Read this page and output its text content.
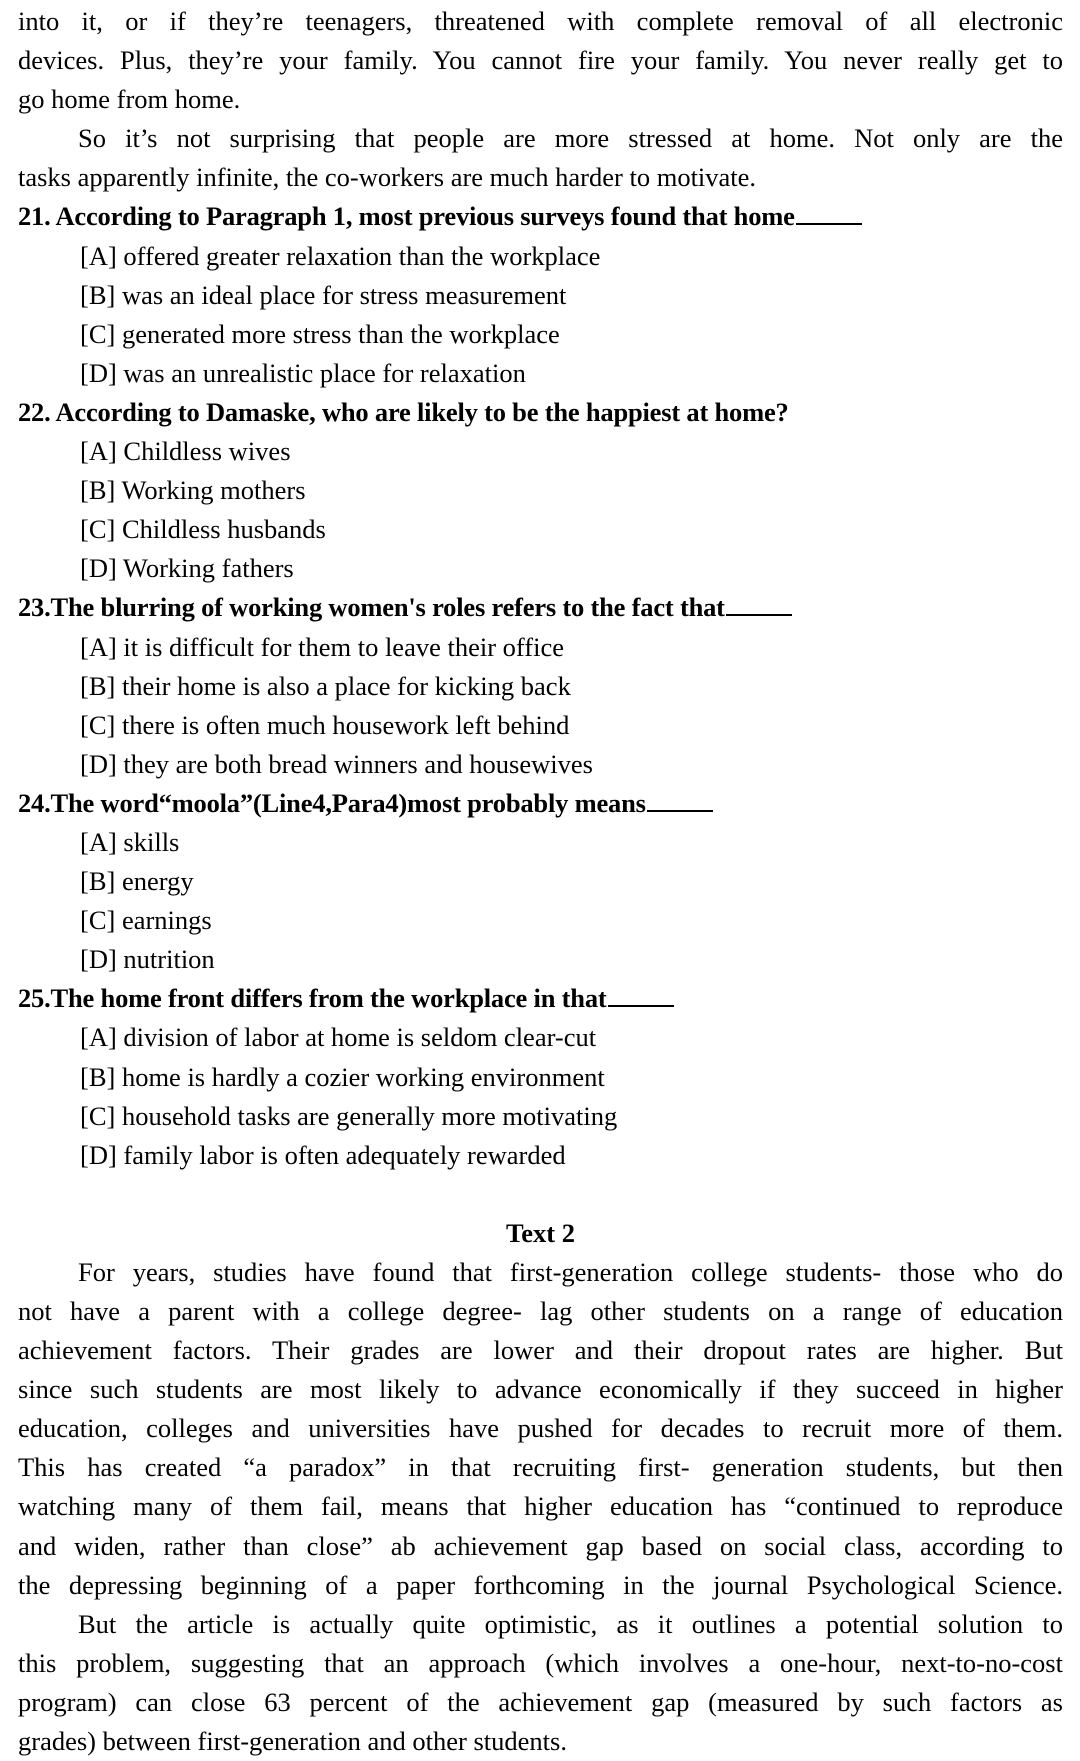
into it, or if they’re teenagers, threatened with complete removal of all electronic
devices. Plus, they’re your family. You cannot fire your family. You never really get to
go home from home.
So it’s not surprising that people are more stressed at home. Not only are the
tasks apparently infinite, the co-workers are much harder to motivate.
21. According to Paragraph 1, most previous surveys found that home
[A] offered greater relaxation than the workplace
[B] was an ideal place for stress measurement
[C] generated more stress than the workplace
[D] was an unrealistic place for relaxation
22. According to Damaske, who are likely to be the happiest at home?
[A] Childless wives
[B] Working mothers
[C] Childless husbands
[D] Working fathers
23.The blurring of working women's roles refers to the fact that
[A] it is difficult for them to leave their office
[B] their home is also a place for kicking back
[C] there is often much housework left behind
[D] they are both bread winners and housewives
24.The word“moola”(Line4,Para4)most probably means
[A] skills
[B] energy
[C] earnings
[D] nutrition
25.The home front differs from the workplace in that
[A] division of labor at home is seldom clear-cut
[B] home is hardly a cozier working environment
[C] household tasks are generally more motivating
[D] family labor is often adequately rewarded
Text 2
For years, studies have found that first-generation college students- those who do
not have a parent with a college degree- lag other students on a range of education
achievement factors. Their grades are lower and their dropout rates are higher. But
since such students are most likely to advance economically if they succeed in higher
education, colleges and universities have pushed for decades to recruit more of them.
This has created “a paradox” in that recruiting first- generation students, but then
watching many of them fail, means that higher education has “continued to reproduce
and widen, rather than close” ab achievement gap based on social class, according to
the depressing beginning of a paper forthcoming in the journal Psychological Science.
But the article is actually quite optimistic, as it outlines a potential solution to
this problem, suggesting that an approach (which involves a one-hour, next-to-no-cost
program) can close 63 percent of the achievement gap (measured by such factors as
grades) between first-generation and other students.
